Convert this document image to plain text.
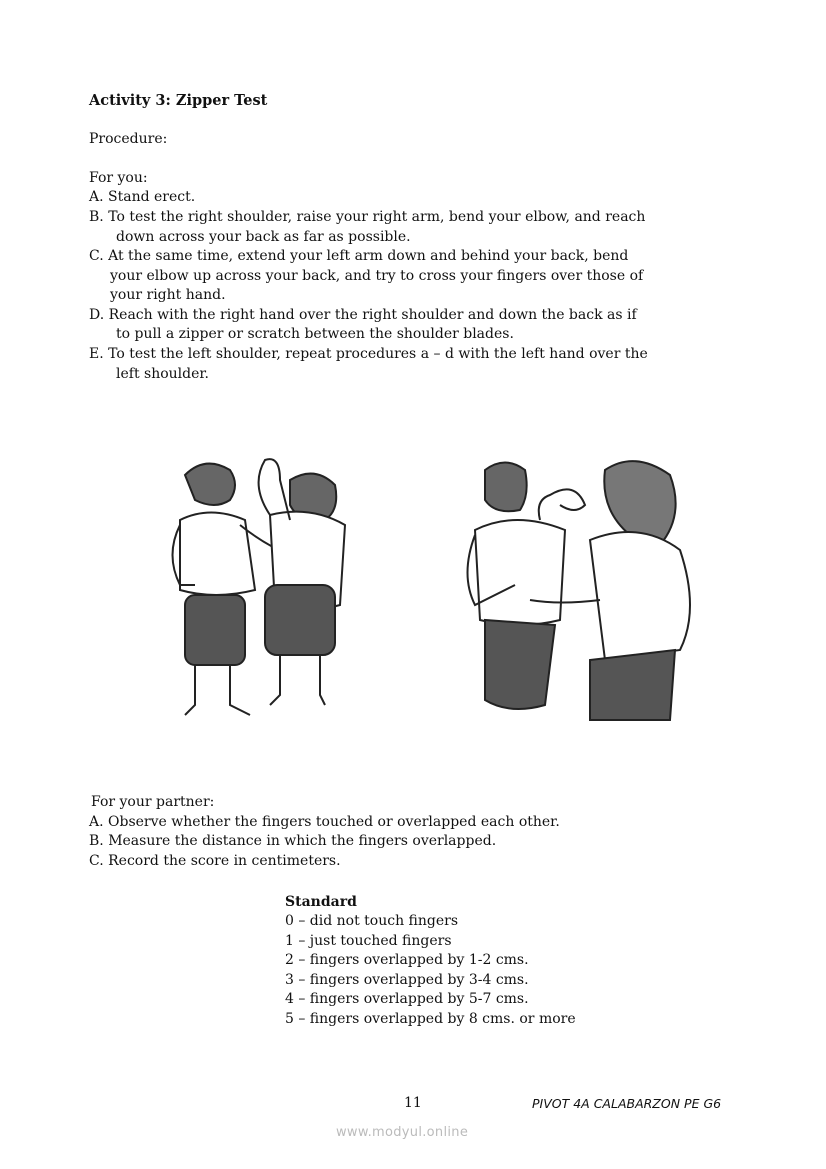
Activity 3: Zipper Test
Procedure:
For you:
A. Stand erect.
B. To test the right shoulder, raise your right arm, bend your elbow, and reach
down across your back as far as possible.
C. At the same time, extend your left arm down and behind your back, bend
your elbow up across your back, and try to cross your fingers over those of
your right hand.
D. Reach with the right hand over the right shoulder and down the back as if
to pull a zipper or scratch between the shoulder blades.
E. To test the left shoulder, repeat procedures a – d with the left hand over the
left shoulder.
For your partner:
A. Observe whether the fingers touched or overlapped each other.
B. Measure the distance in which the fingers overlapped.
C. Record the score in centimeters.
Standard
0 – did not touch fingers
1 – just touched fingers
2 – fingers overlapped by 1-2 cms.
3 – fingers overlapped by 3-4 cms.
4 – fingers overlapped by 5-7 cms.
5 – fingers overlapped by 8 cms. or more
11	PIVOT 4A CALABARZON PE G6
www.modyul.online
